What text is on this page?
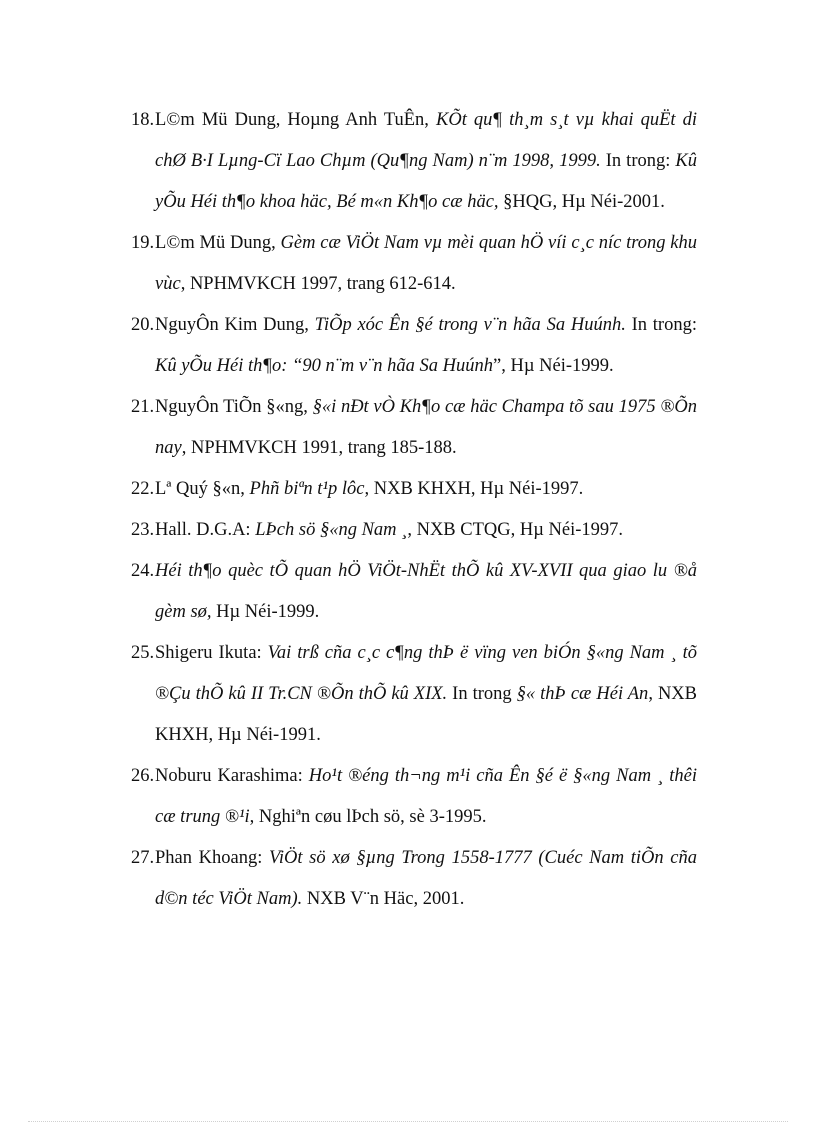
18. L©m Mü Dung, Hoµng Anh TuÊn, KÕt qu¶ th¸m s¸t vµ khai quËt di chØ B·I Lµng-Cï Lao Chµm (Qu¶ng Nam) n¨m 1998, 1999. In trong: Kû yÕu Héi th¶o khoa häc, Bé m«n Kh¶o cæ häc, §HQG, Hµ Néi-2001.
19. L©m Mü Dung, Gèm cæ ViÖt Nam vµ mèi quan hÖ víi c¸c níc trong khu vùc, NPHMVKCH 1997, trang 612-614.
20. NguyÔn Kim Dung, TiÕp xóc Ên §é trong v¨n hãa Sa Huúnh. In trong: Kû yÕu Héi th¶o: “90 n¨m v¨n hãa Sa Huúnh”, Hµ Néi-1999.
21. NguyÔn TiÕn §«ng, §«i nÐt vÒ Kh¶o cæ häc Champa tõ sau 1975 ®Õn nay, NPHMVKCH 1991, trang 185-188.
22. Lª Quý §«n, Phñ biªn t¹p lôc, NXB KHXH, Hµ Néi-1997.
23. Hall. D.G.A: LÞch sö §«ng Nam ¸, NXB CTQG, Hµ Néi-1997.
24. Héi th¶o quèc tÕ quan hÖ ViÖt-NhËt thÕ kû XV-XVII qua giao lu ®å gèm sø, Hµ Néi-1999.
25. Shigeru Ikuta: Vai trß cña c¸c c¶ng thÞ ë vïng ven biÓn §«ng Nam ¸ tõ ®Çu thÕ kû II Tr.CN ®Õn thÕ kû XIX. In trong §« thÞ cæ Héi An, NXB KHXH, Hµ Néi-1991.
26. Noburu Karashima: Ho¹t ®éng th¬ng m¹i cña Ên §é ë §«ng Nam ¸ thêi cæ trung ®¹i, Nghiªn cøu lÞch sö, sè 3-1995.
27. Phan Khoang: ViÖt sö xø §µng Trong 1558-1777 (Cuéc Nam tiÕn cña d©n téc ViÖt Nam). NXB V¨n Häc, 2001.
